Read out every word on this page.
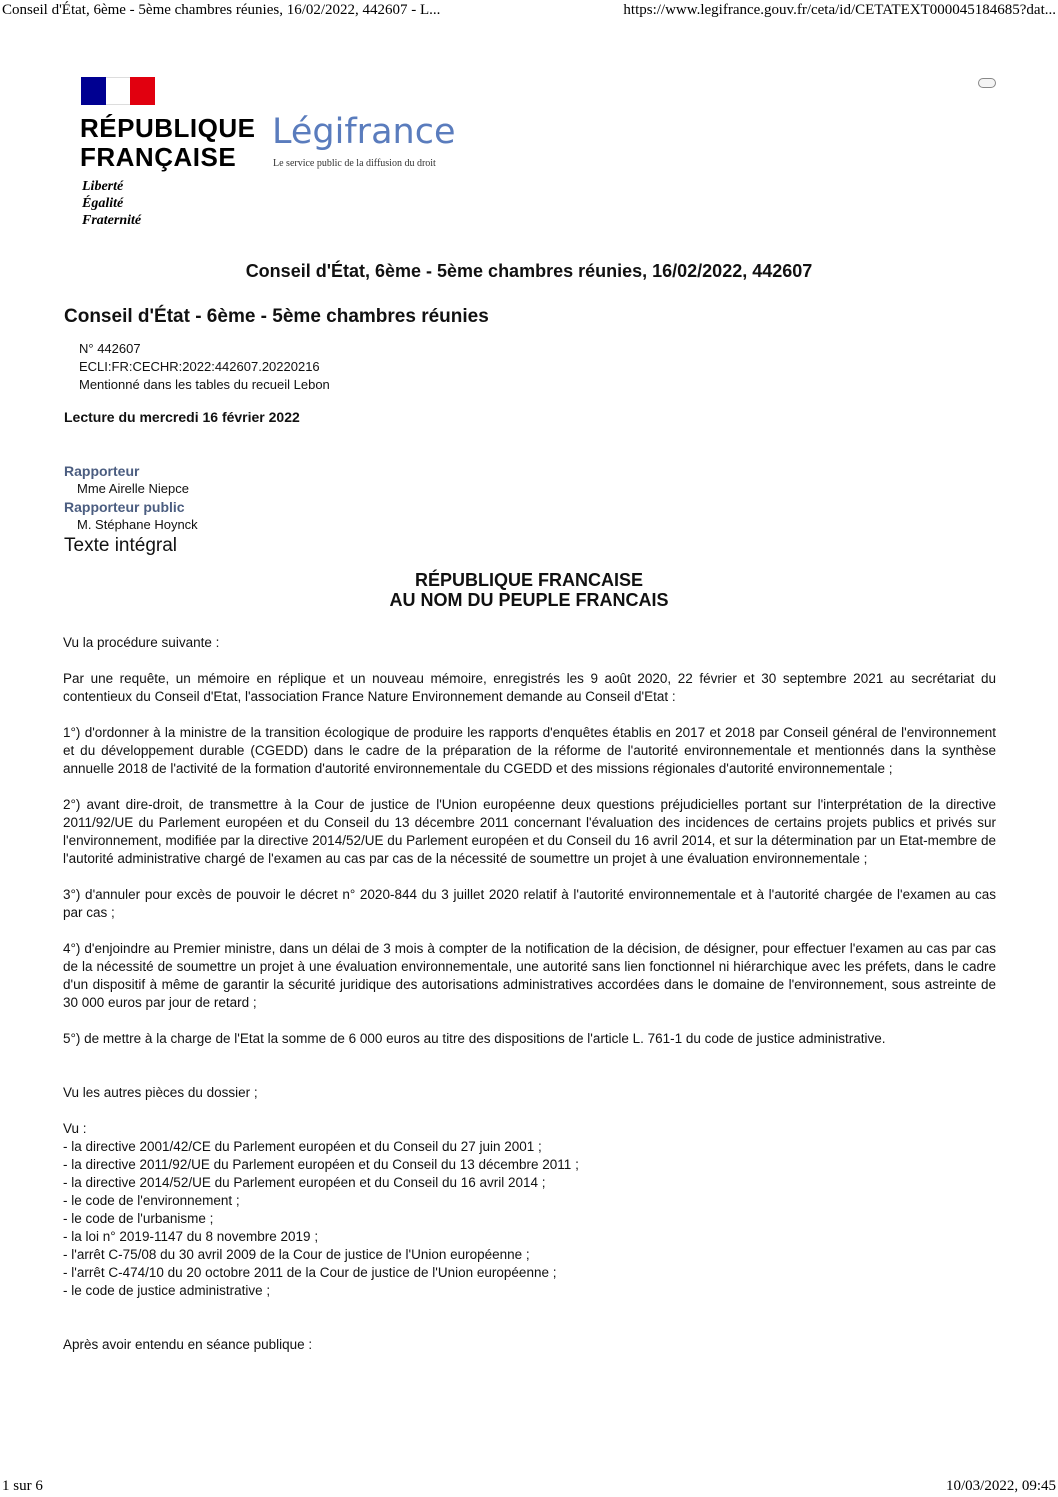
Conseil d'État, 6ème - 5ème chambres réunies, 16/02/2022, 442607 - L...	https://www.legifrance.gouv.fr/ceta/id/CETATEXT000045184685?dat...
RÉPUBLIQUE
FRANÇAISE
Liberté
Égalité
Fraternité
Légifrance
Le service public de la diffusion du droit
Conseil d'État, 6ème - 5ème chambres réunies, 16/02/2022, 442607
Conseil d'État - 6ème - 5ème chambres réunies
N° 442607
ECLI:FR:CECHR:2022:442607.20220216
Mentionné dans les tables du recueil Lebon
Lecture du mercredi 16 février 2022
Rapporteur
Mme Airelle Niepce
Rapporteur public
M. Stéphane Hoynck
Texte intégral
RÉPUBLIQUE FRANCAISE
AU NOM DU PEUPLE FRANCAIS

Vu la procédure suivante :

Par une requête, un mémoire en réplique et un nouveau mémoire, enregistrés les 9 août 2020, 22 février et 30 septembre 2021 au secrétariat du contentieux du Conseil d'Etat, l'association France Nature Environnement demande au Conseil d'Etat :

1°) d'ordonner à la ministre de la transition écologique de produire les rapports d'enquêtes établis en 2017 et 2018 par Conseil général de l'environnement et du développement durable (CGEDD) dans le cadre de la préparation de la réforme de l'autorité environnementale et mentionnés dans la synthèse annuelle 2018 de l'activité de la formation d'autorité environnementale du CGEDD et des missions régionales d'autorité environnementale ;

2°) avant dire-droit, de transmettre à la Cour de justice de l'Union européenne deux questions préjudicielles portant sur l'interprétation de la directive 2011/92/UE du Parlement européen et du Conseil du 13 décembre 2011 concernant l'évaluation des incidences de certains projets publics et privés sur l'environnement, modifiée par la directive 2014/52/UE du Parlement européen et du Conseil du 16 avril 2014, et sur la détermination par un Etat-membre de l'autorité administrative chargé de l'examen au cas par cas de la nécessité de soumettre un projet à une évaluation environnementale ;

3°) d'annuler pour excès de pouvoir le décret n° 2020-844 du 3 juillet 2020 relatif à l'autorité environnementale et à l'autorité chargée de l'examen au cas par cas ;

4°) d'enjoindre au Premier ministre, dans un délai de 3 mois à compter de la notification de la décision, de désigner, pour effectuer l'examen au cas par cas de la nécessité de soumettre un projet à une évaluation environnementale, une autorité sans lien fonctionnel ni hiérarchique avec les préfets, dans le cadre d'un dispositif à même de garantir la sécurité juridique des autorisations administratives accordées dans le domaine de l'environnement, sous astreinte de 30 000 euros par jour de retard ;

5°) de mettre à la charge de l'Etat la somme de 6 000 euros au titre des dispositions de l'article L. 761-1 du code de justice administrative.

Vu les autres pièces du dossier ;

Vu :
- la directive 2001/42/CE du Parlement européen et du Conseil du 27 juin 2001 ;
- la directive 2011/92/UE du Parlement européen et du Conseil du 13 décembre 2011 ;
- la directive 2014/52/UE du Parlement européen et du Conseil du 16 avril 2014 ;
- le code de l'environnement ;
- le code de l'urbanisme ;
- la loi n° 2019-1147 du 8 novembre 2019 ;
- l'arrêt C-75/08 du 30 avril 2009 de la Cour de justice de l'Union européenne ;
- l'arrêt C-474/10 du 20 octobre 2011 de la Cour de justice de l'Union européenne ;
- le code de justice administrative ;

Après avoir entendu en séance publique :

1 sur 6	10/03/2022, 09:45
